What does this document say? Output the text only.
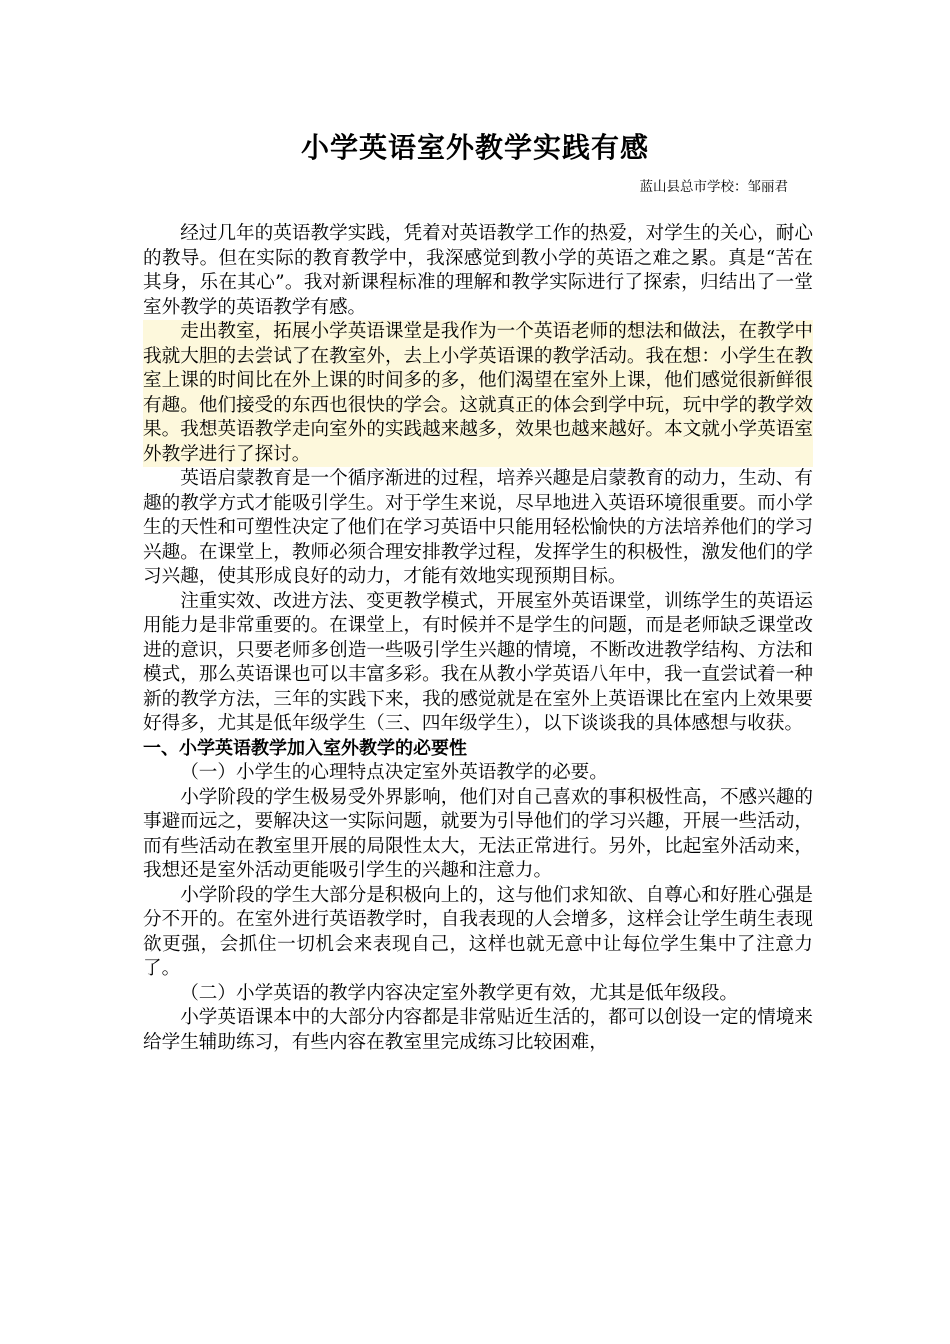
小学英语室外教学实践有感
蓝山县总市学校：邹丽君

经过几年的英语教学实践，凭着对英语教学工作的热爱，对学生的关心，耐心的教导。但在实际的教育教学中，我深感觉到教小学的英语之难之累。真是“苦在其身，乐在其心”。我对新课程标准的理解和教学实际进行了探索，归结出了一堂室外教学的英语教学有感。

走出教室，拓展小学英语课堂是我作为一个英语老师的想法和做法，在教学中我就大胆的去尝试了在教室外，去上小学英语课的教学活动。我在想：小学生在教室上课的时间比在外上课的时间多的多，他们渴望在室外上课，他们感觉很新鲜很有趣。他们接受的东西也很快的学会。这就真正的体会到学中玩，玩中学的教学效果。我想英语教学走向室外的实践越来越多，效果也越来越好。本文就小学英语室外教学进行了探讨。

英语启蒙教育是一个循序渐进的过程，培养兴趣是启蒙教育的动力，生动、有趣的教学方式才能吸引学生。对于学生来说，尽早地进入英语环境很重要。而小学生的天性和可塑性决定了他们在学习英语中只能用轻松愉快的方法培养他们的学习兴趣。在课堂上，教师必须合理安排教学过程，发挥学生的积极性，激发他们的学习兴趣，使其形成良好的动力，才能有效地实现预期目标。

注重实效、改进方法、变更教学模式，开展室外英语课堂，训练学生的英语运用能力是非常重要的。在课堂上，有时候并不是学生的问题，而是老师缺乏课堂改进的意识，只要老师多创造一些吸引学生兴趣的情境，不断改进教学结构、方法和模式，那么英语课也可以丰富多彩。我在从教小学英语八年中，我一直尝试着一种新的教学方法，三年的实践下来，我的感觉就是在室外上英语课比在室内上效果要好得多，尤其是低年级学生（三、四年级学生），以下谈谈我的具体感想与收获。

一、小学英语教学加入室外教学的必要性

（一）小学生的心理特点决定室外英语教学的必要。

小学阶段的学生极易受外界影响，他们对自己喜欢的事积极性高，不感兴趣的事避而远之，要解决这一实际问题，就要为引导他们的学习兴趣，开展一些活动，而有些活动在教室里开展的局限性太大，无法正常进行。另外，比起室外活动来，我想还是室外活动更能吸引学生的兴趣和注意力。

小学阶段的学生大部分是积极向上的，这与他们求知欲、自尊心和好胜心强是分不开的。在室外进行英语教学时，自我表现的人会增多，这样会让学生萌生表现欲更强，会抓住一切机会来表现自己，这样也就无意中让每位学生集中了注意力了。

（二）小学英语的教学内容决定室外教学更有效，尤其是低年级段。

小学英语课本中的大部分内容都是非常贴近生活的，都可以创设一定的情境来给学生辅助练习，有些内容在教室里完成练习比较困难，
